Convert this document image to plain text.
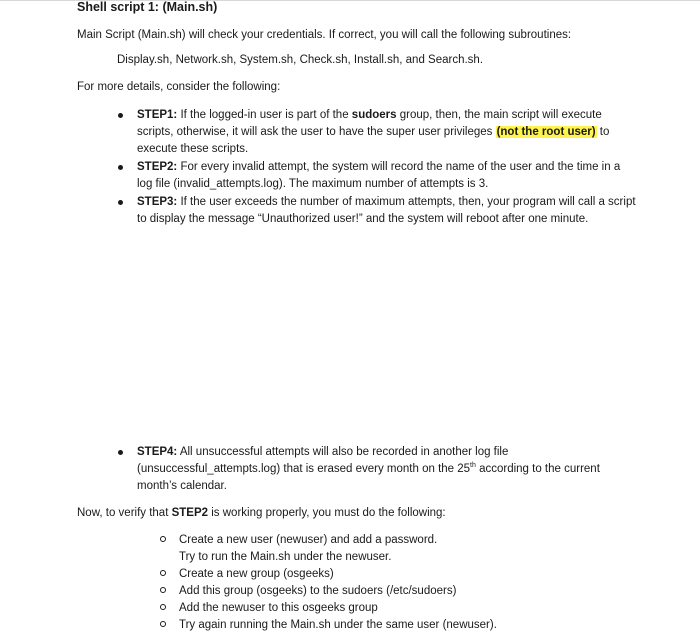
Shell script 1: (Main.sh)
Main Script (Main.sh) will check your credentials. If correct, you will call the following subroutines:
Display.sh, Network.sh, System.sh, Check.sh, Install.sh, and Search.sh.
For more details, consider the following:
STEP1: If the logged-in user is part of the sudoers group, then, the main script will execute scripts, otherwise, it will ask the user to have the super user privileges (not the root user) to execute these scripts.
STEP2: For every invalid attempt, the system will record the name of the user and the time in a log file (invalid_attempts.log). The maximum number of attempts is 3.
STEP3: If the user exceeds the number of maximum attempts, then, your program will call a script to display the message “Unauthorized user!” and the system will reboot after one minute.
STEP4: All unsuccessful attempts will also be recorded in another log file (unsuccessful_attempts.log) that is erased every month on the 25th according to the current month’s calendar.
Now, to verify that STEP2 is working properly, you must do the following:
Create a new user (newuser) and add a password.
Try to run the Main.sh under the newuser.
Create a new group (osgeeks)
Add this group (osgeeks) to the sudoers (/etc/sudoers)
Add the newuser to this osgeeks group
Try again running the Main.sh under the same user (newuser).
